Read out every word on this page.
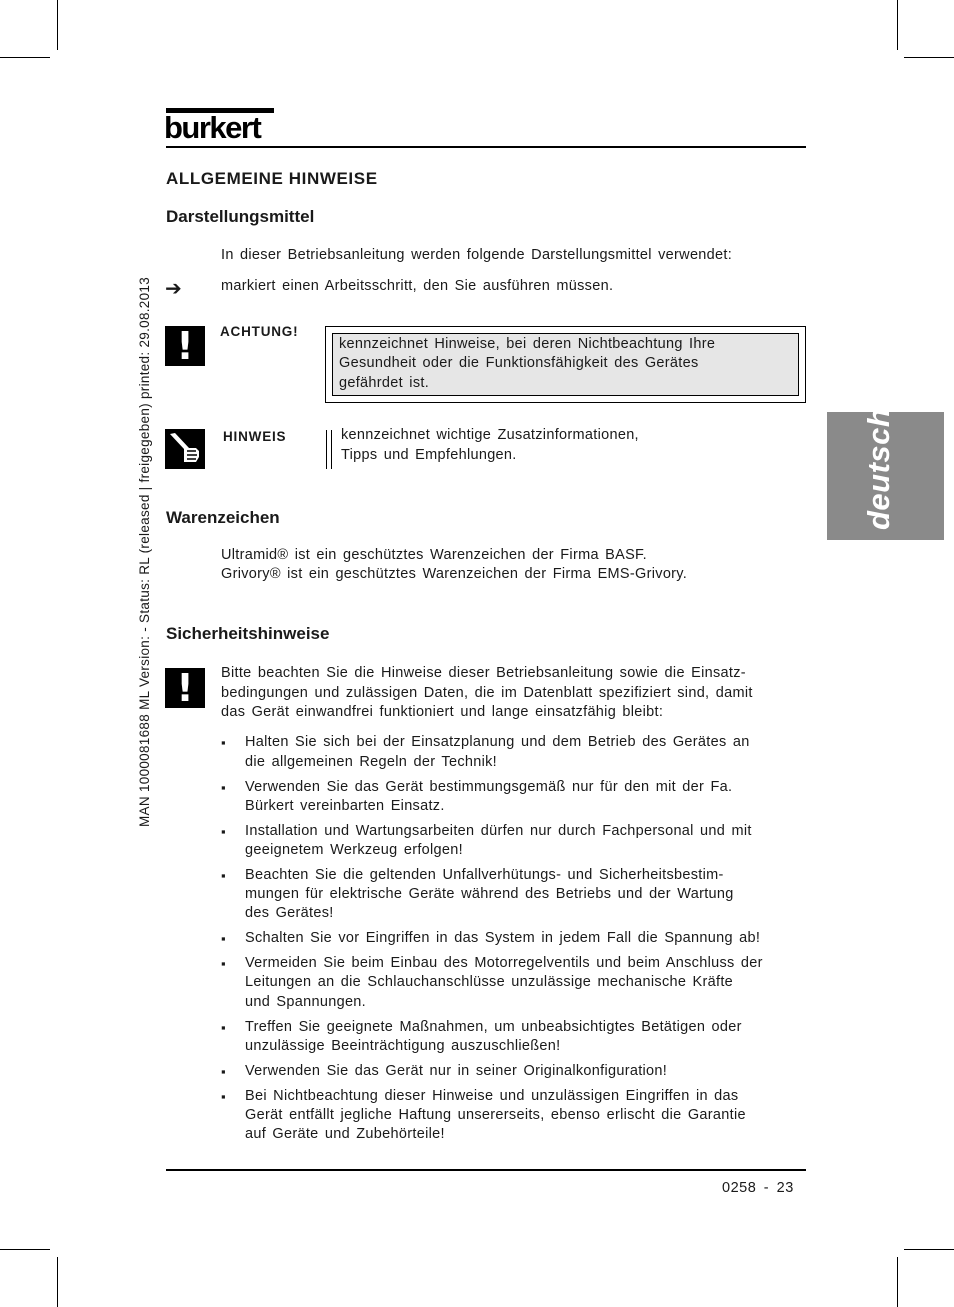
burkert
MAN 1000081688 ML Version: - Status: RL (released | freigegeben) printed: 29.08.2013	deutsch
ALLGEMEINE HINWEISE
Darstellungsmittel
In dieser Betriebsanleitung werden folgende Darstellungsmittel verwendet:
➔	markiert einen Arbeitsschritt, den Sie ausführen müssen.
!	ACHTUNG!
kennzeichnet Hinweise, bei deren Nichtbeachtung Ihre
Gesundheit oder die Funktionsfähigkeit des Gerätes
gefährdet ist.
HINWEIS	kennzeichnet wichtige Zusatzinformationen,
Tipps und Empfehlungen.
Warenzeichen
Ultramid® ist ein geschütztes Warenzeichen der Firma BASF.
Grivory® ist ein geschütztes Warenzeichen der Firma EMS-Grivory.
Sicherheitshinweise
!	Bitte beachten Sie die Hinweise dieser Betriebsanleitung sowie die Einsatz-
bedingungen und zulässigen Daten, die im Datenblatt spezifiziert sind, damit
das Gerät einwandfrei funktioniert und lange einsatzfähig bleibt:
▪ Halten Sie sich bei der Einsatzplanung und dem Betrieb des Gerätes an
die allgemeinen Regeln der Technik!
▪ Verwenden Sie das Gerät bestimmungsgemäß nur für den mit der Fa.
Bürkert vereinbarten Einsatz.
▪ Installation und Wartungsarbeiten dürfen nur durch Fachpersonal und mit
geeignetem Werkzeug erfolgen!
▪ Beachten Sie die geltenden Unfallverhütungs- und Sicherheitsbestim-
mungen für elektrische Geräte während des Betriebs und der Wartung
des Gerätes!
▪ Schalten Sie vor Eingriffen in das System in jedem Fall die Spannung ab!
▪ Vermeiden Sie beim Einbau des Motorregelventils und beim Anschluss der
Leitungen an die Schlauchanschlüsse unzulässige mechanische Kräfte
und Spannungen.
▪ Treffen Sie geeignete Maßnahmen, um unbeabsichtigtes Betätigen oder
unzulässige Beeinträchtigung auszuschließen!
▪ Verwenden Sie das Gerät nur in seiner Originalkonfiguration!
▪ Bei Nichtbeachtung dieser Hinweise und unzulässigen Eingriffen in das
Gerät entfällt jegliche Haftung unsererseits, ebenso erlischt die Garantie
auf Geräte und Zubehörteile!
0258 - 23
